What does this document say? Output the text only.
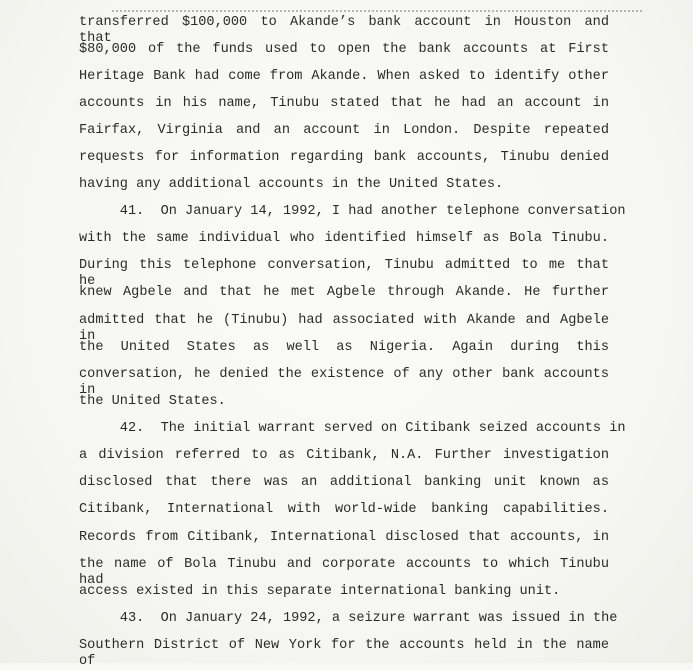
transferred $100,000 to Akande’s bank account in Houston and that
$80,000 of the funds used to open the bank accounts at First
Heritage Bank had come from Akande. When asked to identify other
accounts in his name, Tinubu stated that he had an account in
Fairfax, Virginia and an account in London. Despite repeated
requests for information regarding bank accounts, Tinubu denied
having any additional accounts in the United States.
41.  On January 14, 1992, I had another telephone conversation
with the same individual who identified himself as Bola Tinubu.
During this telephone conversation, Tinubu admitted to me that he
knew Agbele and that he met Agbele through Akande. He further
admitted that he (Tinubu) had associated with Akande and Agbele in
the United States as well as Nigeria. Again during this
conversation, he denied the existence of any other bank accounts in
the United States.
42.  The initial warrant served on Citibank seized accounts in
a division referred to as Citibank, N.A. Further investigation
disclosed that there was an additional banking unit known as
Citibank, International with world-wide banking capabilities.
Records from Citibank, International disclosed that accounts, in
the name of Bola Tinubu and corporate accounts to which Tinubu had
access existed in this separate international banking unit.
43.  On January 24, 1992, a seizure warrant was issued in the
Southern District of New York for the accounts held in the name of
